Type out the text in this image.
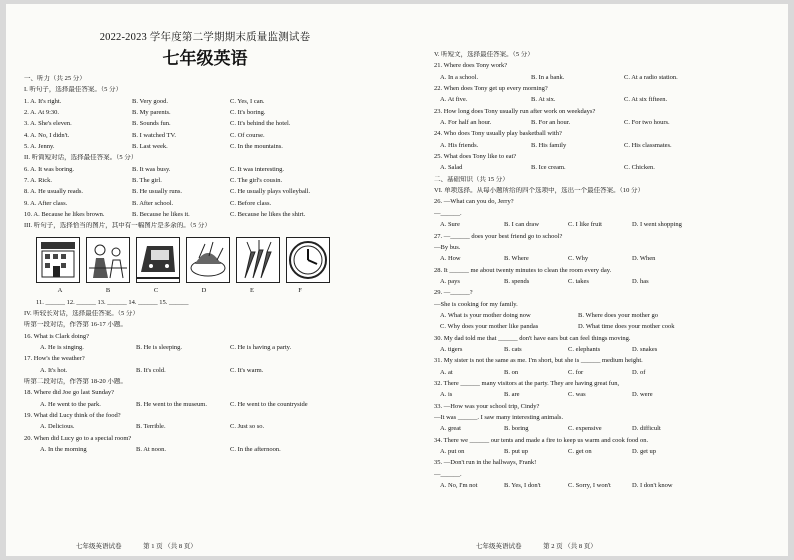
2022-2023 学年度第二学期期末质量监测试卷
七年级英语
一、听力（共 25 分）
I. 听句子，选择最佳答案。（5 分）
1. A. It's right.	B. Very good.	C. Yes, I can.
2. A. At 9:30.	B. My parents.	C. It's boring.
3. A. She's eleven.	B. Sounds fun.	C. It's behind the hotel.
4. A. No, I didn't.	B. I watched TV.	C. Of course.
5. A. Jenny.	B. Last week.	C. In the mountains.
II. 听简短对话，选择最佳答案。（5 分）
6. A. It was boring.	B. It was busy.	C. It was interesting.
7. A. Rick.	B. The girl.	C. The girl's cousin.
8. A. He usually reads.	B. He usually runs.	C. He usually plays volleyball.
9. A. After class.	B. After school.	C. Before class.
10. A. Because he likes brown.	B. Because he likes it.	C. Because he likes the shirt.
III. 听句子，选择恰当的图片，其中有一幅图片是多余的。（5 分）
A	B	C	D	E	F
11. ______ 12. ______ 13. ______ 14. ______ 15. ______
IV. 听较长对话，选择最佳答案。（5 分）
听第一段对话，作答第 16-17 小题。
16. What is Clark doing?
A. He is singing.	B. He is sleeping.	C. He is having a party.
17. How's the weather?
A. It's hot.	B. It's cold.	C. It's warm.
听第二段对话，作答第 18-20 小题。
18. Where did Joe go last Sunday?
A. He went to the park.	B. He went to the museum.	C. He went to the countryside
19. What did Lucy think of the food?
A. Delicious.	B. Terrible.	C. Just so so.
20. When did Lucy go to a special room?
A. In the morning	B. At noon.	C. In the afternoon.
V. 听短文，选择最佳答案。（5 分）
21. Where does Tony work?
A. In a school.	B. In a bank.	C. At a radio station.
22. When does Tony get up every morning?
A. At five.	B. At six.	C. At six fifteen.
23. How long does Tony usually run after work on weekdays?
A. For half an hour.	B. For an hour.	C. For two hours.
24. Who does Tony usually play basketball with?
A. His friends.	B. His family	C. His classmates.
25. What does Tony like to eat?
A. Salad	B. Ice cream.	C. Chicken.
二、基础知识（共 15 分）
VI. 单项选择。从每小题所给的四个选项中，选出一个最佳答案。（10 分）
26. —What can you do, Jerry?
—______.
A. Sure	B. I can draw	C. I like fruit	D. I went shopping
27. —______ does your best friend go to school?
—By bus.
A. How	B. Where	C. Why	D. When
28. It ______ me about twenty minutes to clean the room every day.
A. pays	B. spends	C. takes	D. has
29. —______?
—She is cooking for my family.
A. What is your mother doing now	B. Where does your mother go
C. Why does your mother like pandas	D. What time does your mother cook
30. My dad told me that ______ don't have ears but can feel things moving.
A. tigers	B. cats	C. elephants	D. snakes
31. My sister is not the same as me. I'm short, but she is ______ medium height.
A. at	B. on	C. for	D. of
32. There ______ many visitors at the party. They are having great fun,
A. is	B. are	C. was	D. were
33. —How was your school trip, Cindy?
—It was ______. I saw many interesting animals.
A. great	B. boring	C. expensive	D. difficult
34. There we ______ our tents and made a fire to keep us warm and cook food on.
A. put on	B. put up	C. get on	D. get up
35. —Don't run in the hallways, Frank!
—______.
A. No, I'm not	B. Yes, I don't	C. Sorry, I won't	D. I don't know
七年级英语试卷	第 1 页 （共 8 页）	七年级英语试卷	第 2 页 （共 8 页）
